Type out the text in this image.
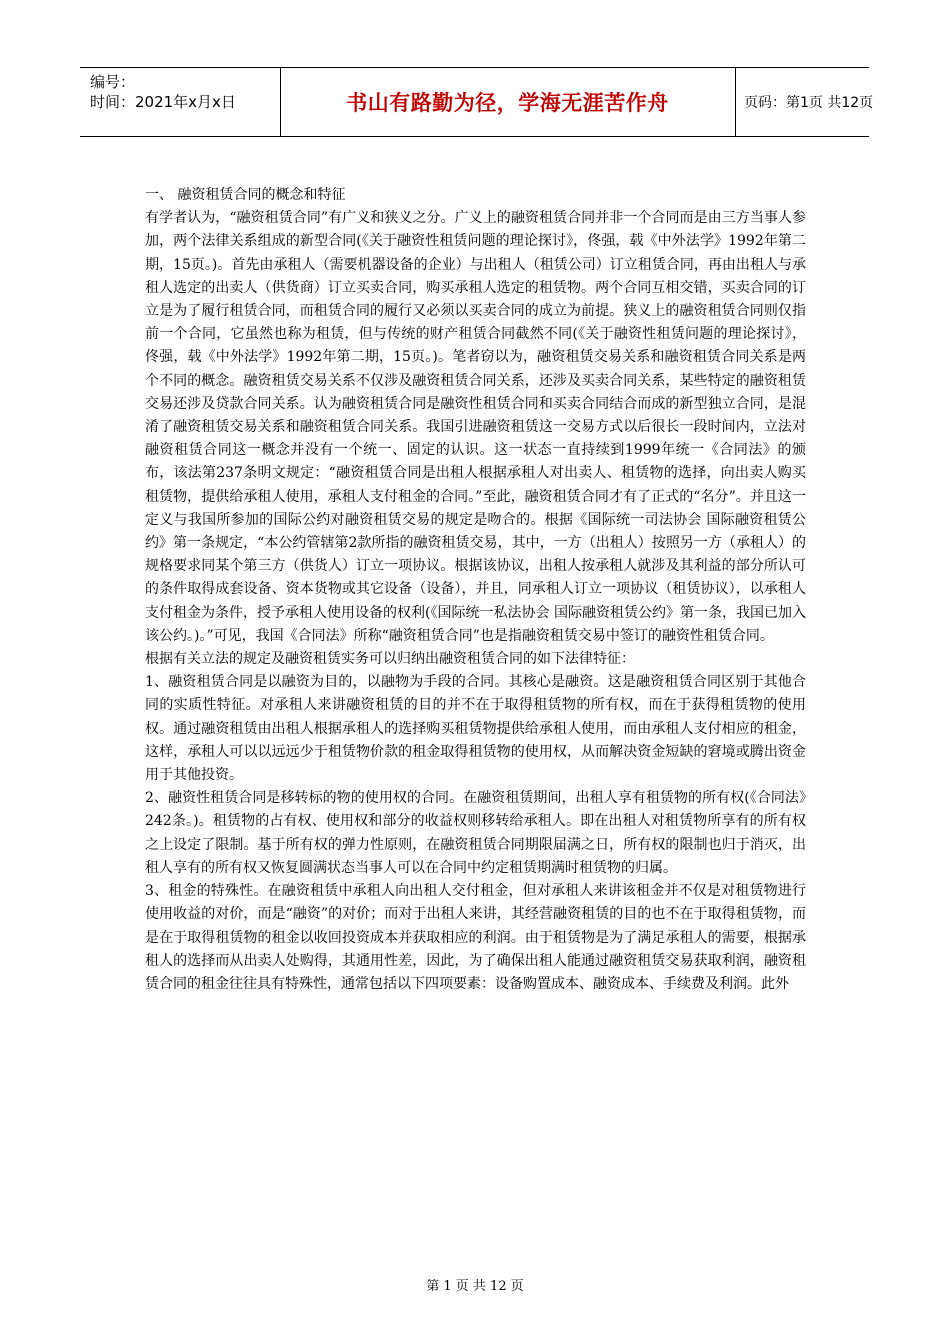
编号：
时间：2021年x月x日	书山有路勤为径，学海无涯苦作舟	页码：第1页 共12页

一、 融资租赁合同的概念和特征

有学者认为，“融资租赁合同”有广义和狭义之分。广义上的融资租赁合同并非一个合同而是由三方当事人参加，两个法律关系组成的新型合同(《关于融资性租赁问题的理论探讨》，佟强，载《中外法学》1992年第二期，15页。)。首先由承租人（需要机器设备的企业）与出租人（租赁公司）订立租赁合同，再由出租人与承租人选定的出卖人（供货商）订立买卖合同，购买承租人选定的租赁物。两个合同互相交错，买卖合同的订立是为了履行租赁合同，而租赁合同的履行又必须以买卖合同的成立为前提。狭义上的融资租赁合同则仅指前一个合同，它虽然也称为租赁，但与传统的财产租赁合同截然不同(《关于融资性租赁问题的理论探讨》，佟强，载《中外法学》1992年第二期，15页。)。笔者窃以为，融资租赁交易关系和融资租赁合同关系是两个不同的概念。融资租赁交易关系不仅涉及融资租赁合同关系，还涉及买卖合同关系，某些特定的融资租赁交易还涉及贷款合同关系。认为融资租赁合同是融资性租赁合同和买卖合同结合而成的新型独立合同，是混淆了融资租赁交易关系和融资租赁合同关系。我国引进融资租赁这一交易方式以后很长一段时间内，立法对融资租赁合同这一概念并没有一个统一、固定的认识。这一状态一直持续到1999年统一《合同法》的颁布，该法第237条明文规定：“融资租赁合同是出租人根据承租人对出卖人、租赁物的选择，向出卖人购买租赁物，提供给承租人使用，承租人支付租金的合同。”至此，融资租赁合同才有了正式的“名分”。并且这一定义与我国所参加的国际公约对融资租赁交易的规定是吻合的。根据《国际统一司法协会 国际融资租赁公约》第一条规定，“本公约管辖第2款所指的融资租赁交易，其中，一方（出租人）按照另一方（承租人）的规格要求同某个第三方（供货人）订立一项协议。根据该协议，出租人按承租人就涉及其利益的部分所认可的条件取得成套设备、资本货物或其它设备（设备），并且，同承租人订立一项协议（租赁协议），以承租人支付租金为条件，授予承租人使用设备的权利(《国际统一私法协会 国际融资租赁公约》第一条，我国已加入该公约。)。”可见，我国《合同法》所称“融资租赁合同”也是指融资租赁交易中签订的融资性租赁合同。

根据有关立法的规定及融资租赁实务可以归纳出融资租赁合同的如下法律特征：

1、融资租赁合同是以融资为目的，以融物为手段的合同。其核心是融资。这是融资租赁合同区别于其他合同的实质性特征。对承租人来讲融资租赁的目的并不在于取得租赁物的所有权，而在于获得租赁物的使用权。通过融资租赁由出租人根据承租人的选择购买租赁物提供给承租人使用，而由承租人支付相应的租金，这样，承租人可以以远远少于租赁物价款的租金取得租赁物的使用权，从而解决资金短缺的窘境或腾出资金用于其他投资。

2、融资性租赁合同是移转标的物的使用权的合同。在融资租赁期间，出租人享有租赁物的所有权(《合同法》242条。)。租赁物的占有权、使用权和部分的收益权则移转给承租人。即在出租人对租赁物所享有的所有权之上设定了限制。基于所有权的弹力性原则，在融资租赁合同期限届满之日，所有权的限制也归于消灭，出租人享有的所有权又恢复圆满状态当事人可以在合同中约定租赁期满时租赁物的归属。

3、租金的特殊性。在融资租赁中承租人向出租人交付租金，但对承租人来讲该租金并不仅是对租赁物进行使用收益的对价，而是“融资”的对价；而对于出租人来讲，其经营融资租赁的目的也不在于取得租赁物，而是在于取得租赁物的租金以收回投资成本并获取相应的利润。由于租赁物是为了满足承租人的需要，根据承租人的选择而从出卖人处购得，其通用性差，因此，为了确保出租人能通过融资租赁交易获取利润，融资租赁合同的租金往往具有特殊性，通常包括以下四项要素：设备购置成本、融资成本、手续费及利润。此外

第 1 页 共 12 页
